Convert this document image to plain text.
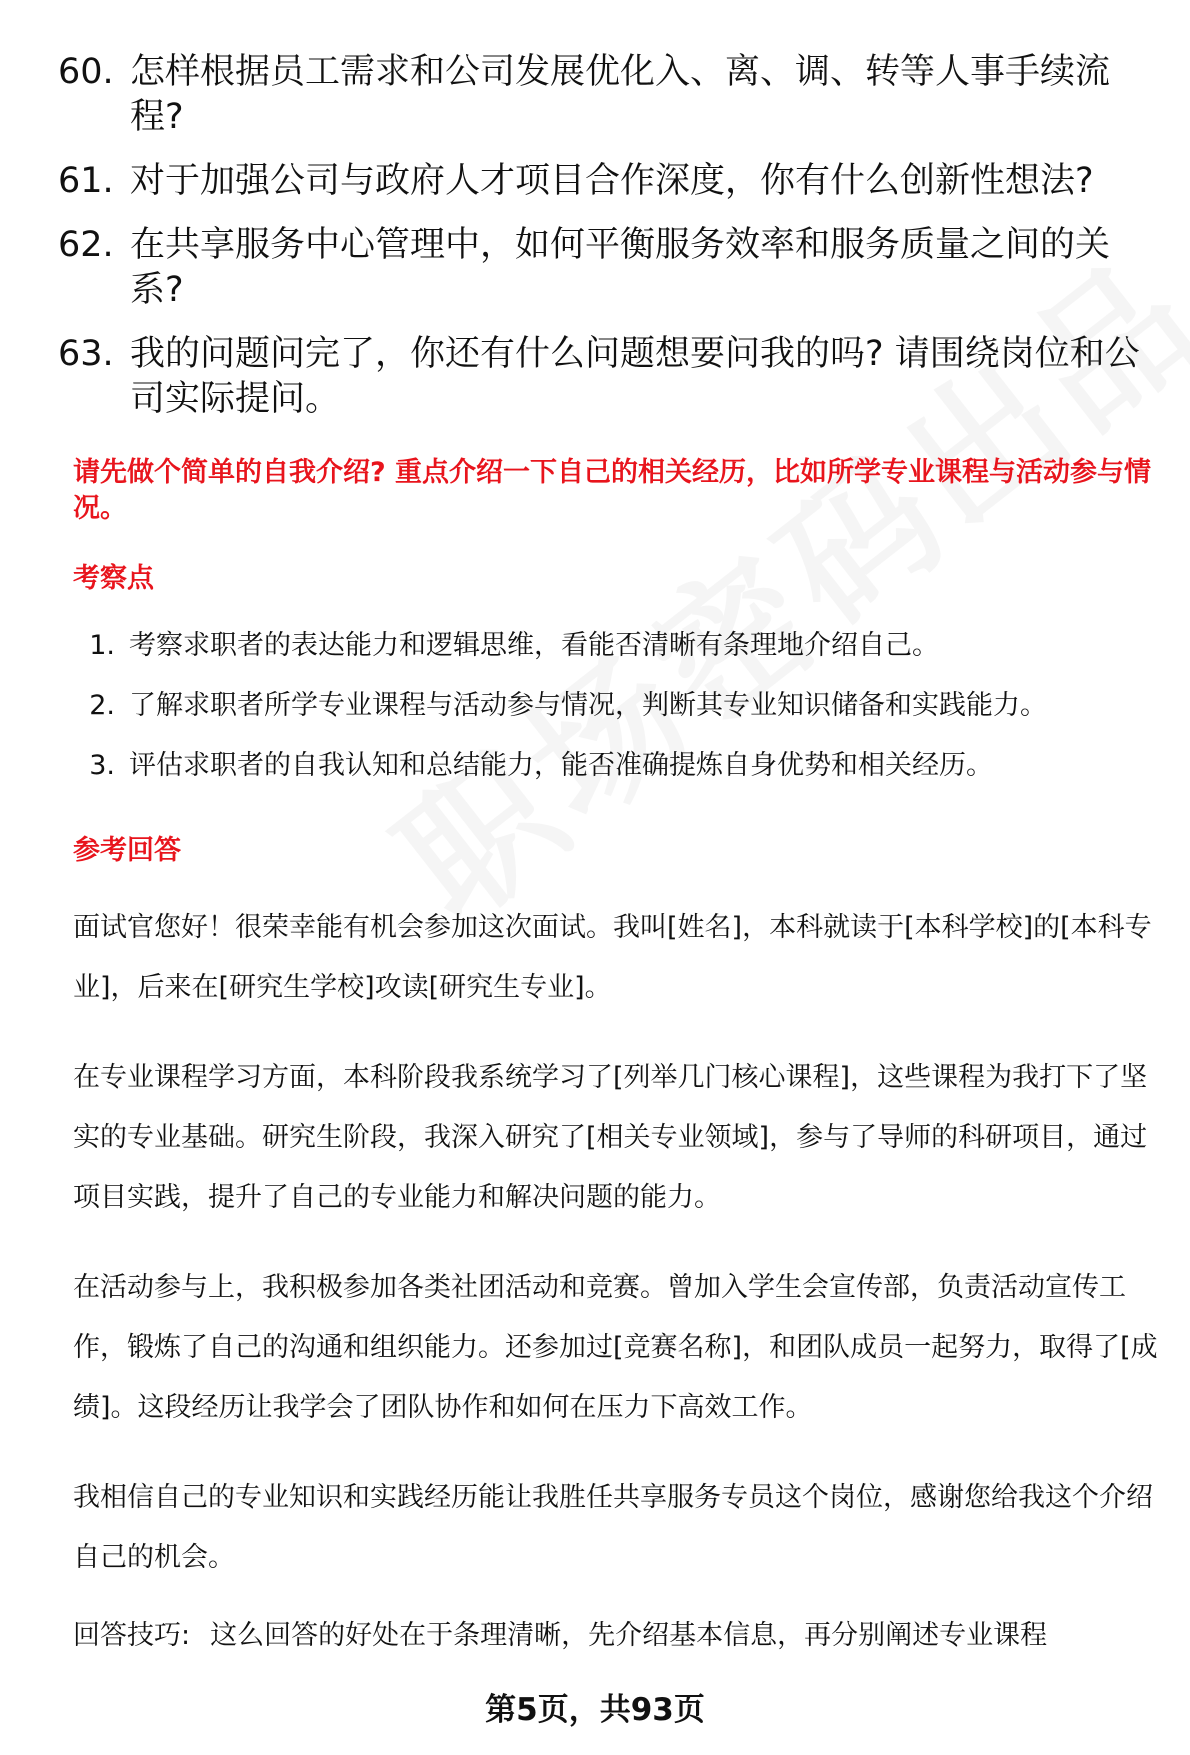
60. 怎样根据员工需求和公司发展优化入、离、调、转等人事手续流程?
61. 对于加强公司与政府人才项目合作深度，你有什么创新性想法?
62. 在共享服务中心管理中，如何平衡服务效率和服务质量之间的关系?
63. 我的问题问完了，你还有什么问题想要问我的吗? 请围绕岗位和公司实际提问。
请先做个简单的自我介绍? 重点介绍一下自己的相关经历，比如所学专业课程与活动参与情况。
考察点
1. 考察求职者的表达能力和逻辑思维，看能否清晰有条理地介绍自己。
2. 了解求职者所学专业课程与活动参与情况，判断其专业知识储备和实践能力。
3. 评估求职者的自我认知和总结能力，能否准确提炼自身优势和相关经历。
参考回答

面试官您好！很荣幸能有机会参加这次面试。我叫[姓名]，本科就读于[本科学校]的[本科专业]，后来在[研究生学校]攻读[研究生专业]。

在专业课程学习方面，本科阶段我系统学习了[列举几门核心课程]，这些课程为我打下了坚实的专业基础。研究生阶段，我深入研究了[相关专业领域]，参与了导师的科研项目，通过项目实践，提升了自己的专业能力和解决问题的能力。

在活动参与上，我积极参加各类社团活动和竞赛。曾加入学生会宣传部，负责活动宣传工作，锻炼了自己的沟通和组织能力。还参加过[竞赛名称]，和团队成员一起努力，取得了[成绩]。这段经历让我学会了团队协作和如何在压力下高效工作。

我相信自己的专业知识和实践经历能让我胜任共享服务专员这个岗位，感谢您给我这个介绍自己的机会。

回答技巧: 这么回答的好处在于条理清晰，先介绍基本信息，再分别阐述专业课程
第5页，共93页
